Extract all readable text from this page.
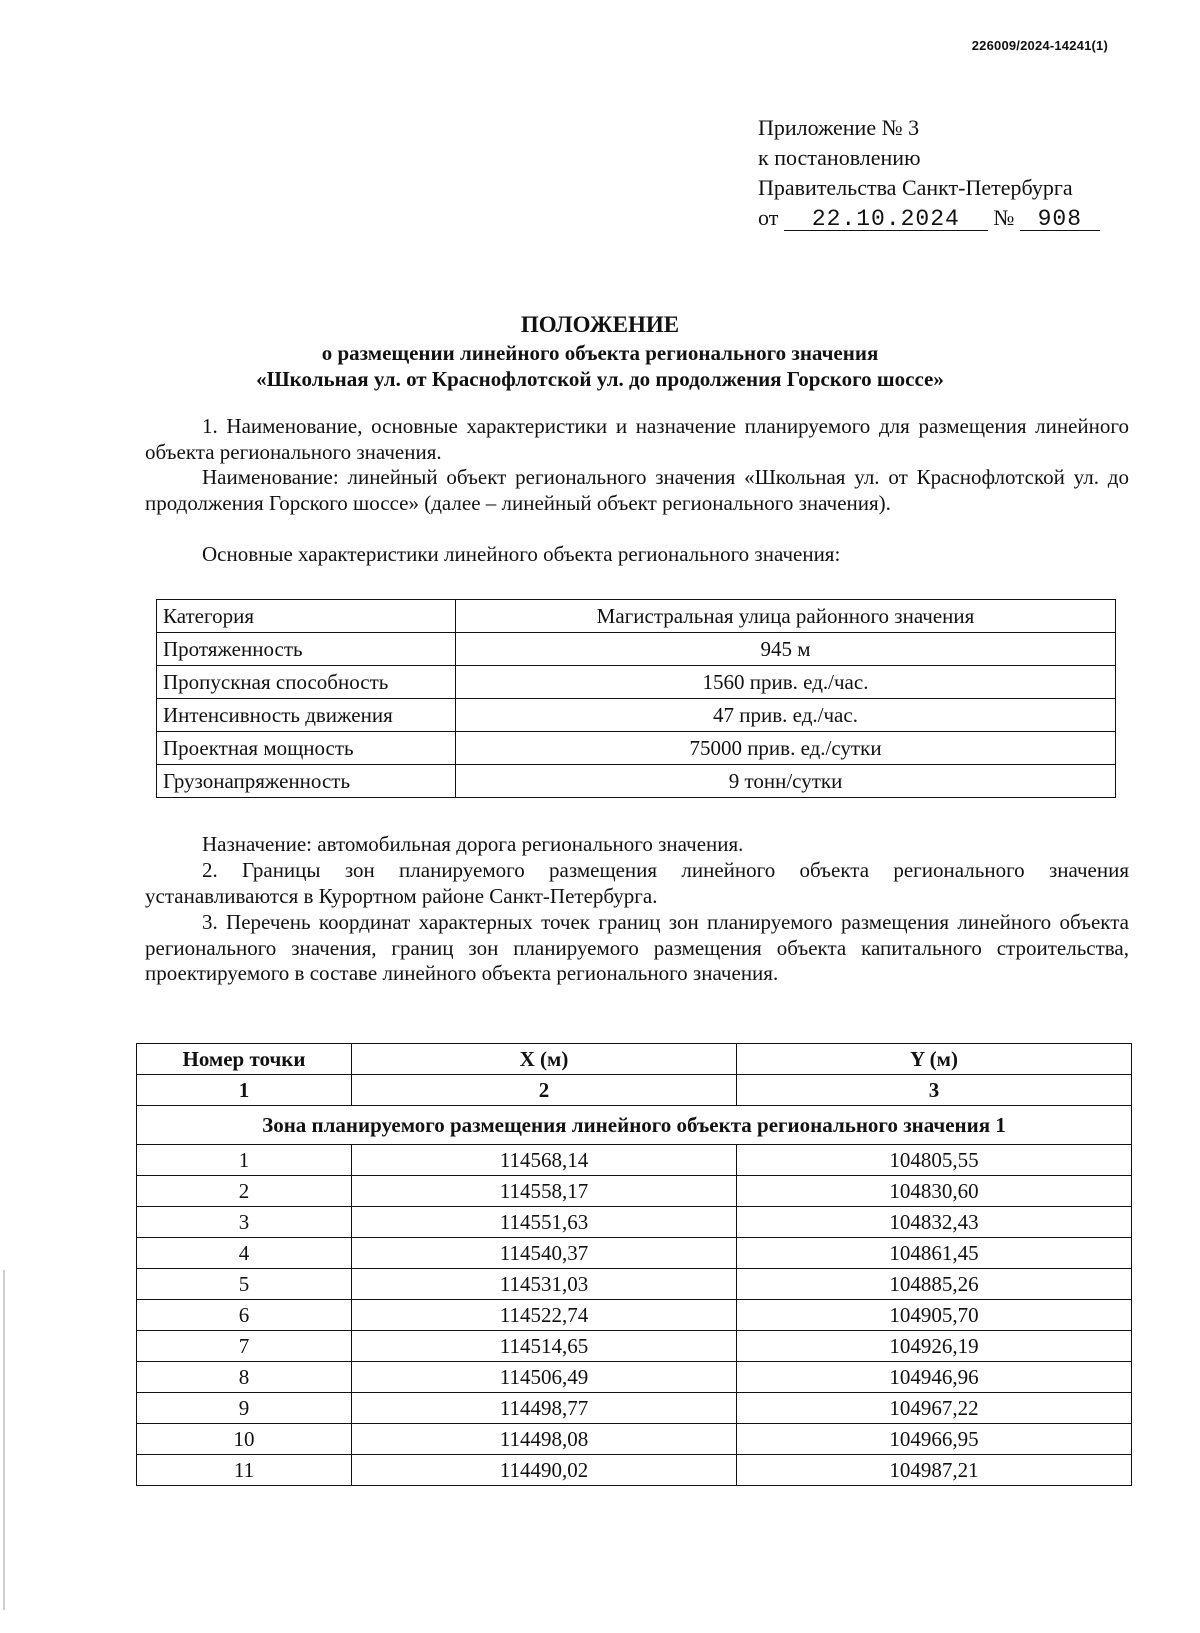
226009/2024-14241(1)
Приложение № 3
к постановлению
Правительства Санкт-Петербурга
от 22.10.2024 № 908
ПОЛОЖЕНИЕ
о размещении линейного объекта регионального значения
«Школьная ул. от Краснофлотской ул. до продолжения Горского шоссе»
1. Наименование, основные характеристики и назначение планируемого для размещения линейного объекта регионального значения.
Наименование: линейный объект регионального значения «Школьная ул. от Краснофлотской ул. до продолжения Горского шоссе» (далее – линейный объект регионального значения).
Основные характеристики линейного объекта регионального значения:
Категория	Магистральная улица районного значения
Протяженность	945 м
Пропускная способность	1560 прив. ед./час.
Интенсивность движения	47 прив. ед./час.
Проектная мощность	75000 прив. ед./сутки
Грузонапряженность	9 тонн/сутки
Назначение: автомобильная дорога регионального значения.
2. Границы зон планируемого размещения линейного объекта регионального значения устанавливаются в Курортном районе Санкт-Петербурга.
3. Перечень координат характерных точек границ зон планируемого размещения линейного объекта регионального значения, границ зон планируемого размещения объекта капитального строительства, проектируемого в составе линейного объекта регионального значения.
Номер точки	X (м)	Y (м)
1	2	3
Зона планируемого размещения линейного объекта регионального значения 1		
1	114568,14	104805,55
2	114558,17	104830,60
3	114551,63	104832,43
4	114540,37	104861,45
5	114531,03	104885,26
6	114522,74	104905,70
7	114514,65	104926,19
8	114506,49	104946,96
9	114498,77	104967,22
10	114498,08	104966,95
11	114490,02	104987,21
